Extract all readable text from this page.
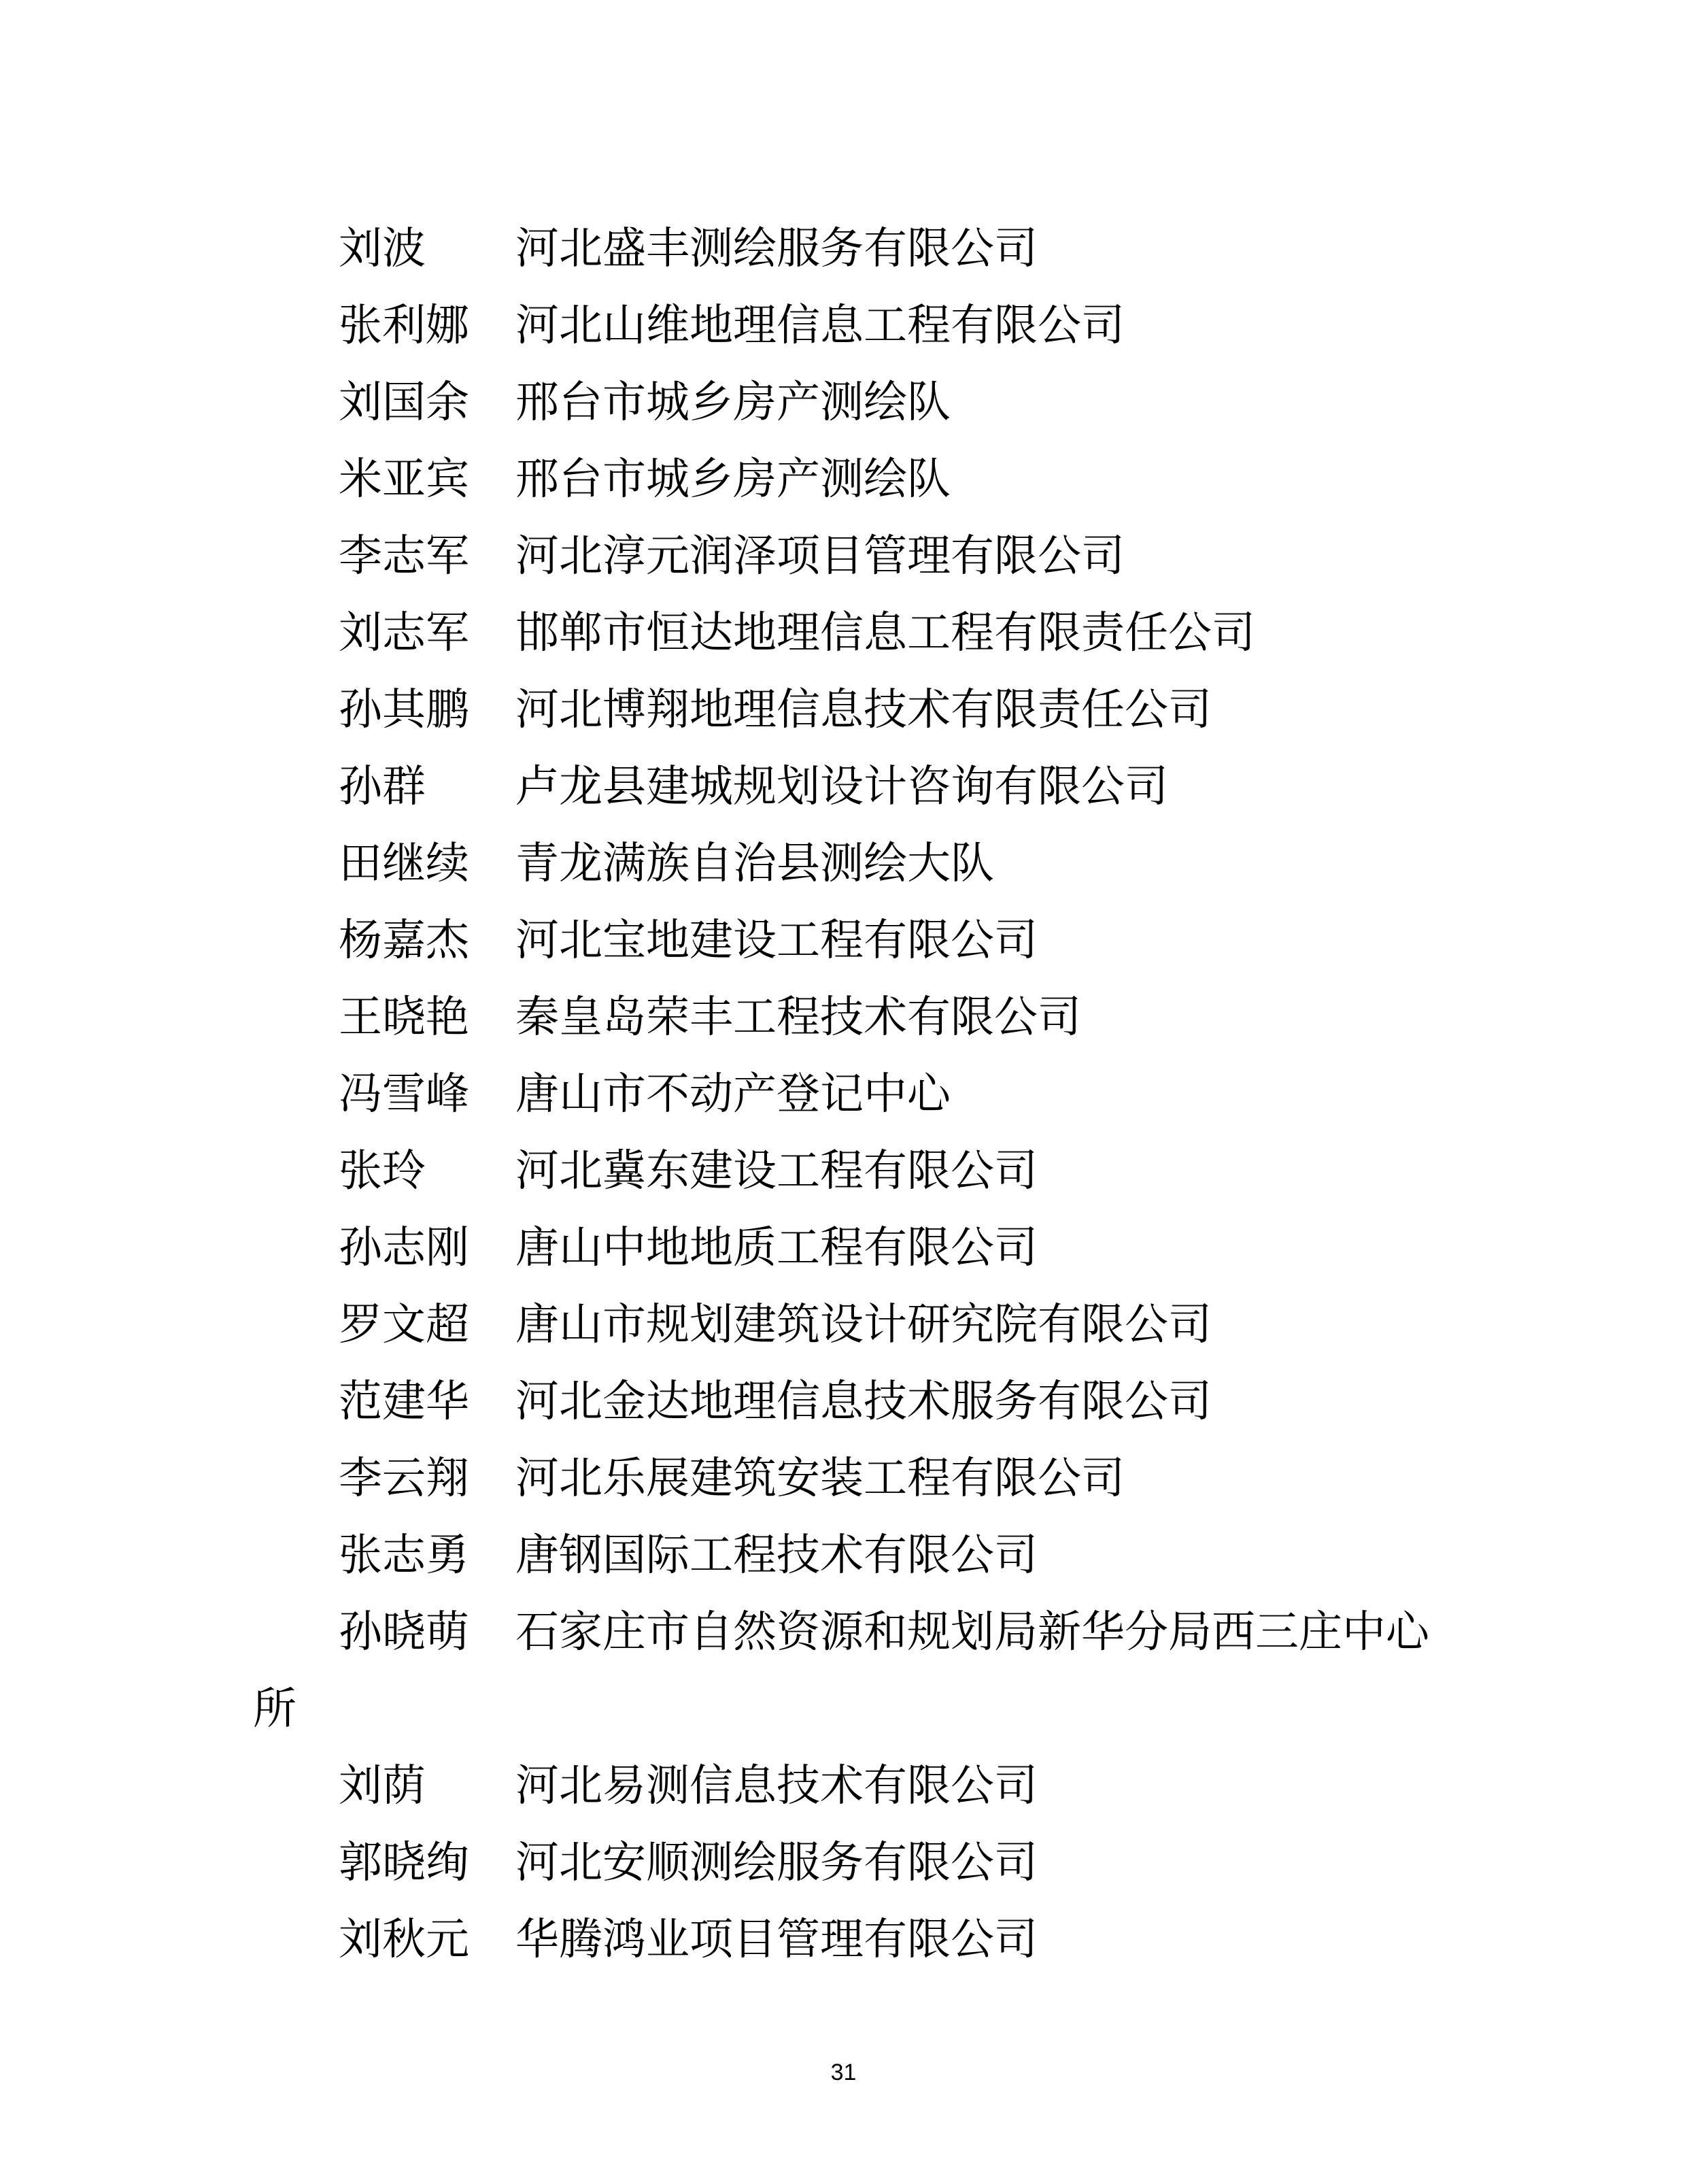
刘波 河北盛丰测绘服务有限公司
张利娜 河北山维地理信息工程有限公司
刘国余 邢台市城乡房产测绘队
米亚宾 邢台市城乡房产测绘队
李志军 河北淳元润泽项目管理有限公司
刘志军 邯郸市恒达地理信息工程有限责任公司
孙其鹏 河北博翔地理信息技术有限责任公司
孙群 卢龙县建城规划设计咨询有限公司
田继续 青龙满族自治县测绘大队
杨嘉杰 河北宝地建设工程有限公司
王晓艳 秦皇岛荣丰工程技术有限公司
冯雪峰 唐山市不动产登记中心
张玲 河北冀东建设工程有限公司
孙志刚 唐山中地地质工程有限公司
罗文超 唐山市规划建筑设计研究院有限公司
范建华 河北金达地理信息技术服务有限公司
李云翔 河北乐展建筑安装工程有限公司
张志勇 唐钢国际工程技术有限公司
孙晓萌 石家庄市自然资源和规划局新华分局西三庄中心
所
刘荫 河北易测信息技术有限公司
郭晓绚 河北安顺测绘服务有限公司
刘秋元 华腾鸿业项目管理有限公司
31
